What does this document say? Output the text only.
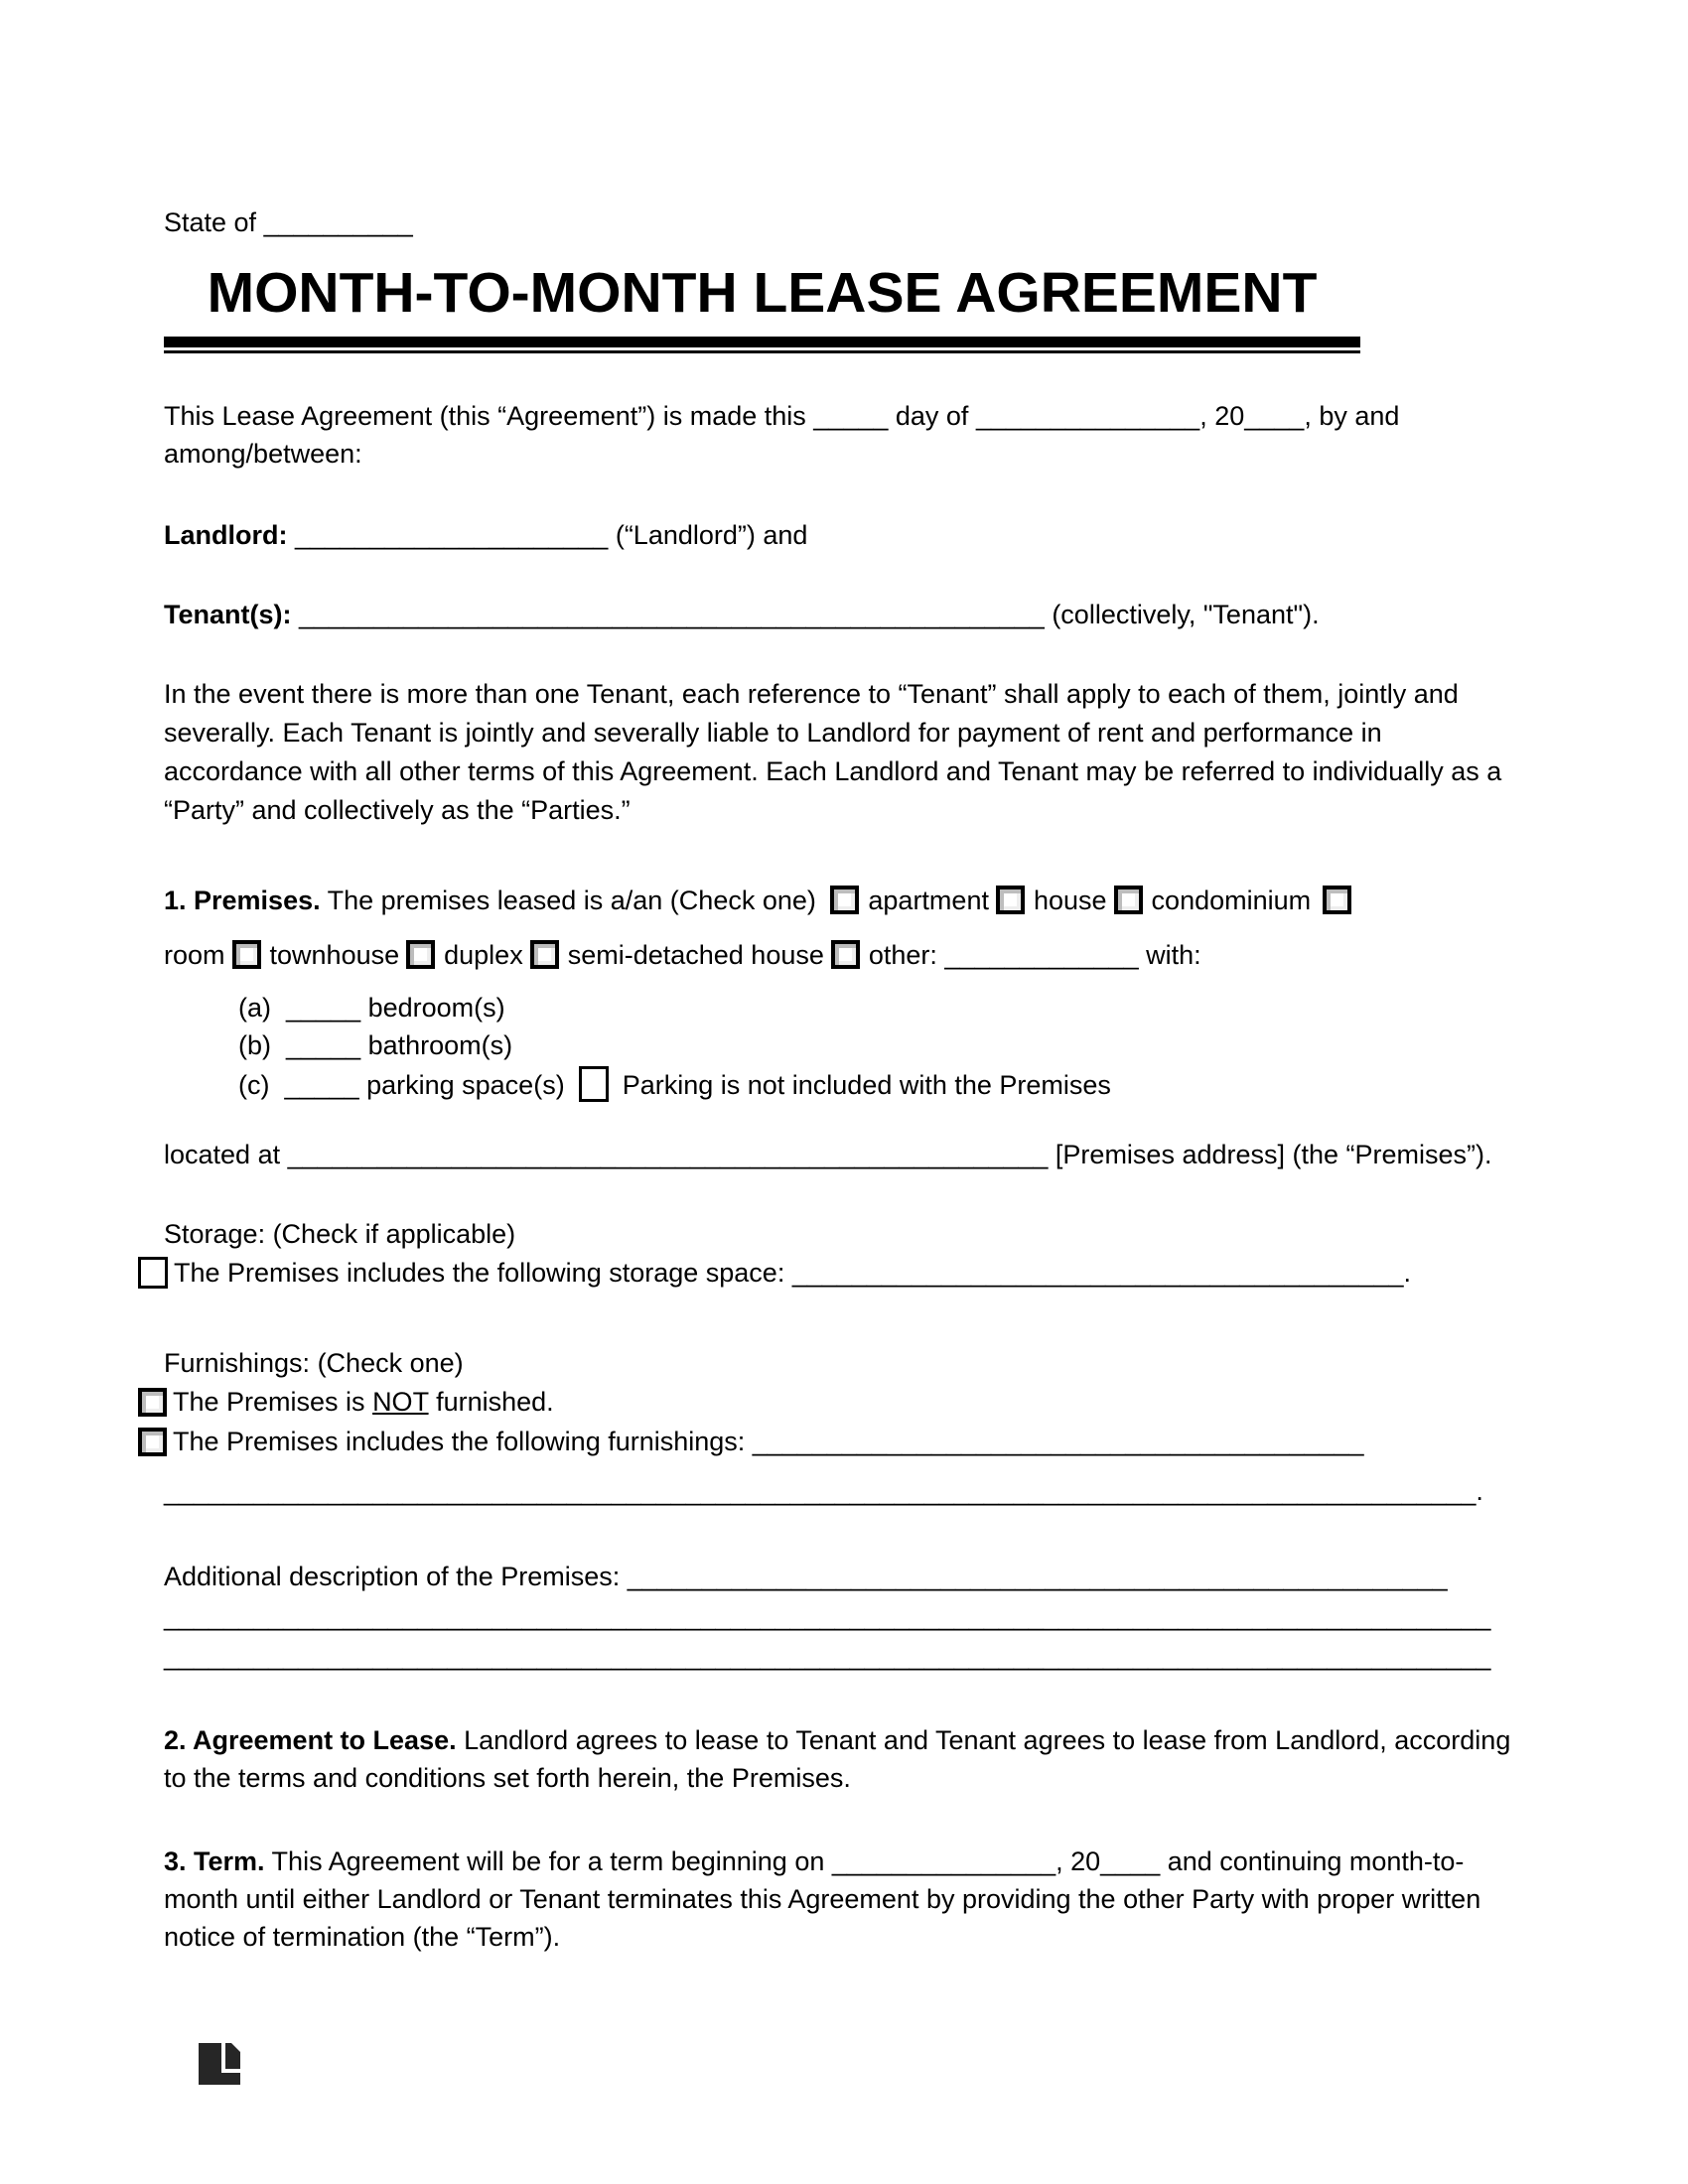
State of __________
MONTH-TO-MONTH LEASE AGREEMENT

This Lease Agreement (this “Agreement”) is made this _____ day of _______________, 20____, by and among/between:

Landlord: _____________________ (“Landlord”) and

Tenant(s): __________________________________________________ (collectively, "Tenant").

In the event there is more than one Tenant, each reference to “Tenant” shall apply to each of them, jointly and severally. Each Tenant is jointly and severally liable to Landlord for payment of rent and performance in accordance with all other terms of this Agreement. Each Landlord and Tenant may be referred to individually as a “Party” and collectively as the “Parties.”

1. Premises. The premises leased is a/an (Check one) apartment house condominium
room townhouse duplex semi-detached house other: _____________ with:
(a) _____ bedroom(s)
(b) _____ bathroom(s)
(c) _____ parking space(s) Parking is not included with the Premises

located at ___________________________________________________ [Premises address] (the “Premises”).

Storage: (Check if applicable)
The Premises includes the following storage space: _________________________________________.
Furnishings: (Check one)
The Premises is NOT furnished.
The Premises includes the following furnishings: _________________________________________
________________________________________________________________________________________.
Additional description of the Premises: _______________________________________________________
_________________________________________________________________________________________
_________________________________________________________________________________________

2. Agreement to Lease. Landlord agrees to lease to Tenant and Tenant agrees to lease from Landlord, according to the terms and conditions set forth herein, the Premises.

3. Term. This Agreement will be for a term beginning on _______________, 20____ and continuing month-to-month until either Landlord or Tenant terminates this Agreement by providing the other Party with proper written notice of termination (the “Term”).
